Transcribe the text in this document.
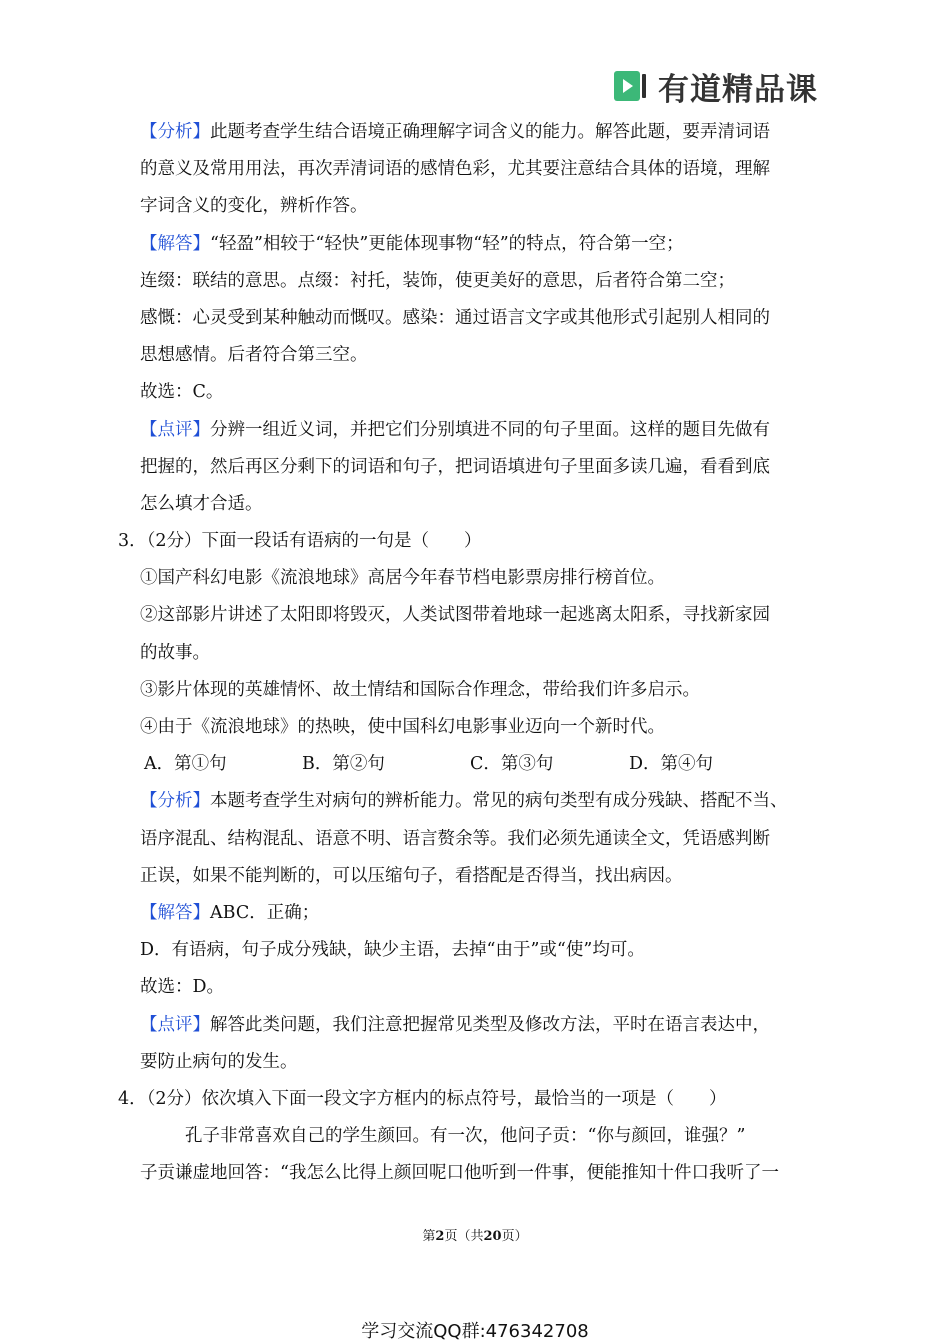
有道精品课
【分析】此题考查学生结合语境正确理解字词含义的能力。解答此题，要弄清词语
的意义及常用用法，再次弄清词语的感情色彩，尤其要注意结合具体的语境，理解
字词含义的变化，辨析作答。
【解答】“轻盈”相较于“轻快”更能体现事物“轻”的特点，符合第一空；
连缀：联结的意思。点缀：衬托，装饰，使更美好的意思，后者符合第二空；
感慨：心灵受到某种触动而慨叹。感染：通过语言文字或其他形式引起别人相同的
思想感情。后者符合第三空。
故选：C。
【点评】分辨一组近义词，并把它们分别填进不同的句子里面。这样的题目先做有
把握的，然后再区分剩下的词语和句子，把词语填进句子里面多读几遍，看看到底
怎么填才合适。
3．（2分）下面一段话有语病的一句是（　　）
①国产科幻电影《流浪地球》高居今年春节档电影票房排行榜首位。
②这部影片讲述了太阳即将毁灭，人类试图带着地球一起逃离太阳系，寻找新家园
的故事。
③影片体现的英雄情怀、故土情结和国际合作理念，带给我们许多启示。
④由于《流浪地球》的热映，使中国科幻电影事业迈向一个新时代。
A．第①句	B．第②句	C．第③句	D．第④句
【分析】本题考查学生对病句的辨析能力。常见的病句类型有成分残缺、搭配不当、
语序混乱、结构混乱、语意不明、语言赘余等。我们必须先通读全文，凭语感判断
正误，如果不能判断的，可以压缩句子，看搭配是否得当，找出病因。
【解答】ABC．正确；
D．有语病，句子成分残缺，缺少主语，去掉“由于”或“使”均可。
故选：D。
【点评】解答此类问题，我们注意把握常见类型及修改方法，平时在语言表达中，
要防止病句的发生。
4．（2分）依次填入下面一段文字方框内的标点符号，最恰当的一项是（　　）
孔子非常喜欢自己的学生颜回。有一次，他问子贡：“你与颜回，谁强？”
子贡谦虚地回答：“我怎么比得上颜回呢口他听到一件事，便能推知十件口我听了一
第2页（共20页）
学习交流QQ群:476342708
